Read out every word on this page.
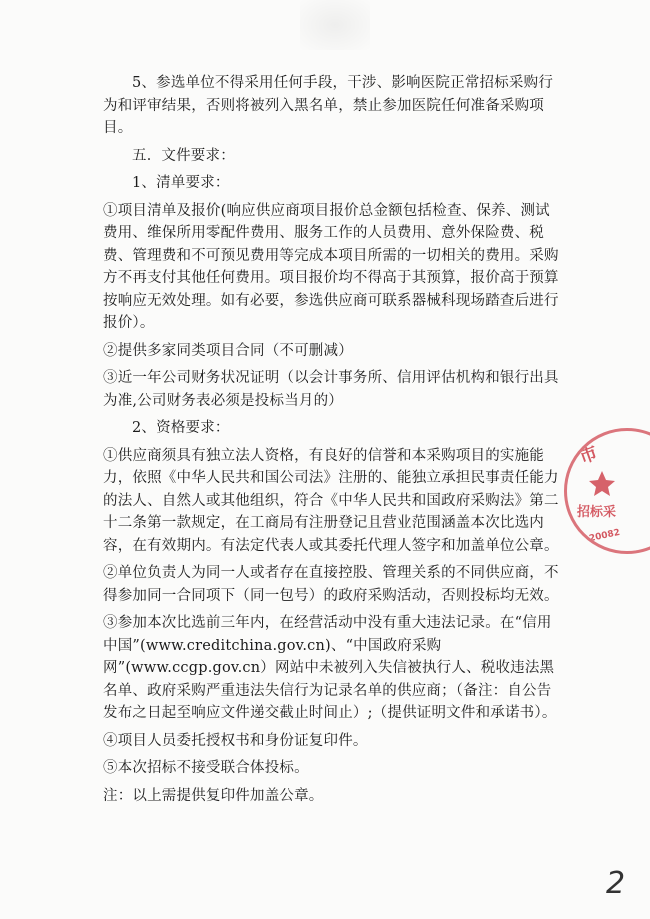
5、参选单位不得采用任何手段，干涉、影响医院正常招标采购行为和评审结果，否则将被列入黑名单，禁止参加医院任何准备采购项目。

五．文件要求：

1、清单要求：

①项目清单及报价(响应供应商项目报价总金额包括检查、保养、测试费用、维保所用零配件费用、服务工作的人员费用、意外保险费、税费、管理费和不可预见费用等完成本项目所需的一切相关的费用。采购方不再支付其他任何费用。项目报价均不得高于其预算，报价高于预算按响应无效处理。如有必要，参选供应商可联系器械科现场踏查后进行报价）。

②提供多家同类项目合同（不可删减）

③近一年公司财务状况证明（以会计事务所、信用评估机构和银行出具为准,公司财务表必须是投标当月的）

2、资格要求：

①供应商须具有独立法人资格，有良好的信誉和本采购项目的实施能力，依照《中华人民共和国公司法》注册的、能独立承担民事责任能力的法人、自然人或其他组织，符合《中华人民共和国政府采购法》第二十二条第一款规定，在工商局有注册登记且营业范围涵盖本次比选内容，在有效期内。有法定代表人或其委托代理人签字和加盖单位公章。

②单位负责人为同一人或者存在直接控股、管理关系的不同供应商，不得参加同一合同项下（同一包号）的政府采购活动，否则投标均无效。

③参加本次比选前三年内，在经营活动中没有重大违法记录。在“信用中国”(www.creditchina.gov.cn)、“中国政府采购网”(www.ccgp.gov.cn）网站中未被列入失信被执行人、税收违法黑名单、政府采购严重违法失信行为记录名单的供应商；（备注：自公告发布之日起至响应文件递交截止时间止）;（提供证明文件和承诺书）。

④项目人员委托授权书和身份证复印件。

⑤本次招标不接受联合体投标。

注：以上需提供复印件加盖公章。

市
招标采
20082
2
